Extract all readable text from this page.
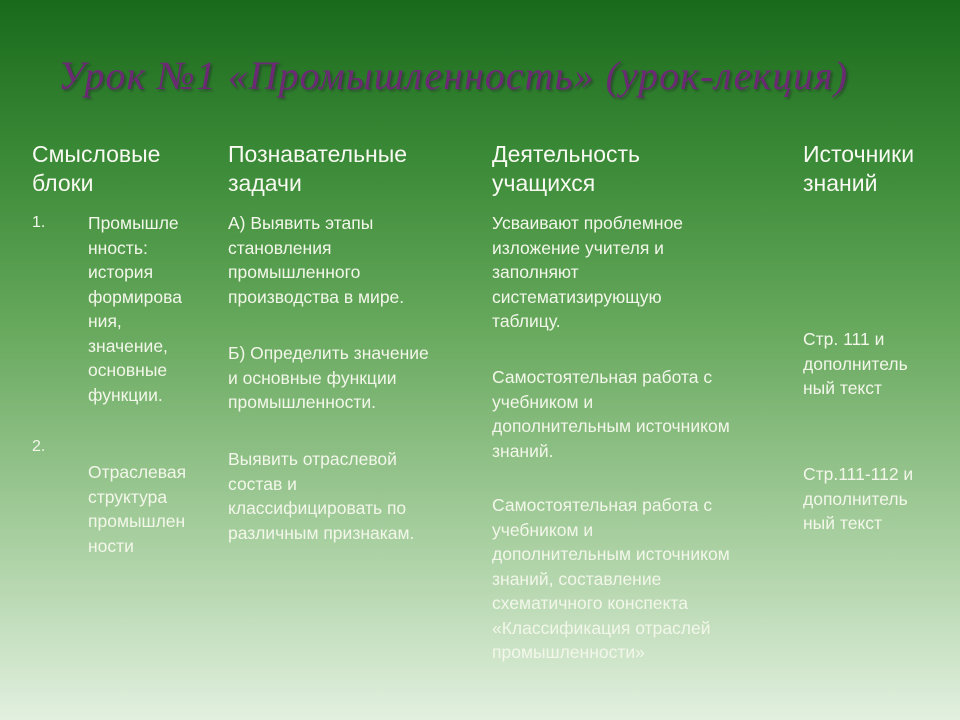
Урок №1 «Промышленность» (урок-лекция)
Смысловые
блоки
Познавательные
задачи
Деятельность
учащихся
Источники
знаний
1. Промышле
нность:
история
формирова
ния,
значение,
основные
функции.
А) Выявить этапы
становления
промышленного
производства в мире.
Б) Определить значение
и основные функции
промышленности.
Усваивают проблемное
изложение учителя и
заполняют
систематизирующую
таблицу.
Самостоятельная работа с
учебником и
дополнительным источником
знаний.
Стр. 111 и
дополнитель
ный текст
2.
Отраслевая
структура
промышлен
ности
Выявить отраслевой
состав и
классифицировать по
различным признакам.
Самостоятельная работа с
учебником и
дополнительным источником
знаний, составление
схематичного конспекта
«Классификация отраслей
промышленности»
Стр.111-112 и
дополнитель
ный текст
